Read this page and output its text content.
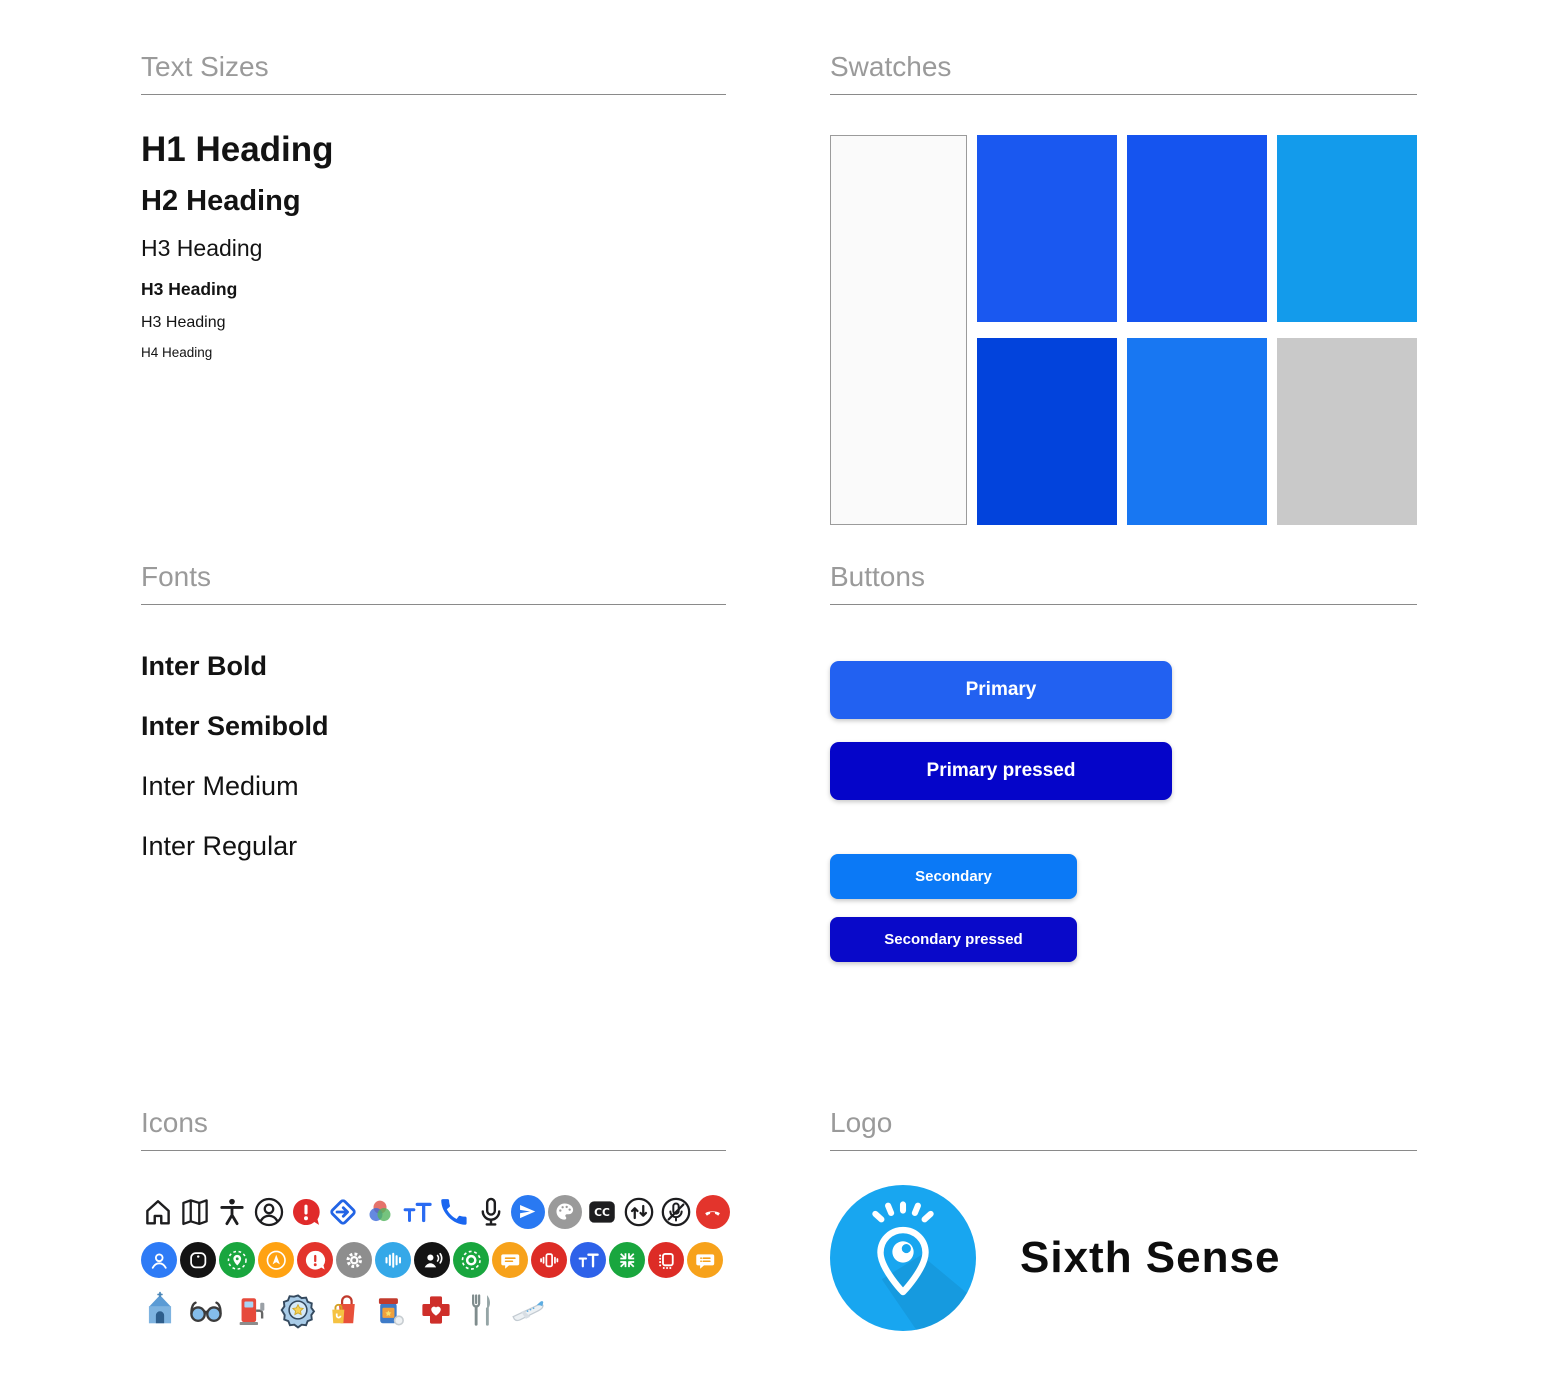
Text Sizes
H1 Heading
H2 Heading
H3 Heading
H3 Heading
H3 Heading
H4 Heading
Swatches
Fonts
Inter Bold
Inter Semibold
Inter Medium
Inter Regular
Buttons
Primary
Primary pressed
Secondary
Secondary pressed
Icons
CC
Logo
Sixth Sense
